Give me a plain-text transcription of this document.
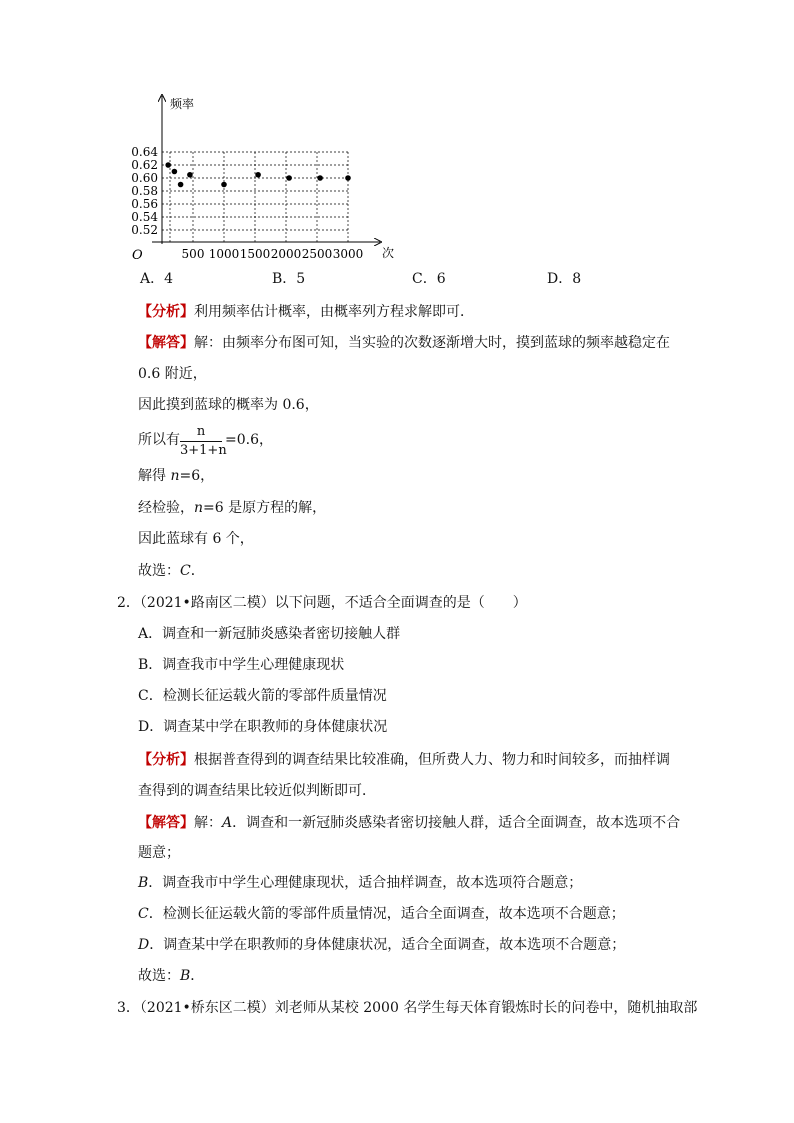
频率
次
O
0.64
0.62
0.60
0.58
0.56
0.54
0.52
500 1000 1500 2000 2500 3000
A．4	B．5	C．6	D．8
【分析】利用频率估计概率，由概率列方程求解即可．
【解答】解：由频率分布图可知，当实验的次数逐渐增大时，摸到蓝球的频率越稳定在
0.6 附近，
因此摸到蓝球的概率为 0.6，
所以有
n
3+1+n
=0.6，
解得 n=6，
经检验，n=6 是原方程的解，
因此蓝球有 6 个，
故选：C．
2．（2021•路南区二模）以下问题，不适合全面调查的是（　　）
A．调查和一新冠肺炎感染者密切接触人群
B．调查我市中学生心理健康现状
C．检测长征运载火箭的零部件质量情况
D．调查某中学在职教师的身体健康状况
【分析】根据普查得到的调查结果比较准确，但所费人力、物力和时间较多，而抽样调
查得到的调查结果比较近似判断即可．
【解答】解：A．调查和一新冠肺炎感染者密切接触人群，适合全面调查，故本选项不合
题意；
B．调查我市中学生心理健康现状，适合抽样调查，故本选项符合题意；
C．检测长征运载火箭的零部件质量情况，适合全面调查，故本选项不合题意；
D．调查某中学在职教师的身体健康状况，适合全面调查，故本选项不合题意；
故选：B．
3．（2021•桥东区二模）刘老师从某校 2000 名学生每天体育锻炼时长的问卷中，随机抽取部
